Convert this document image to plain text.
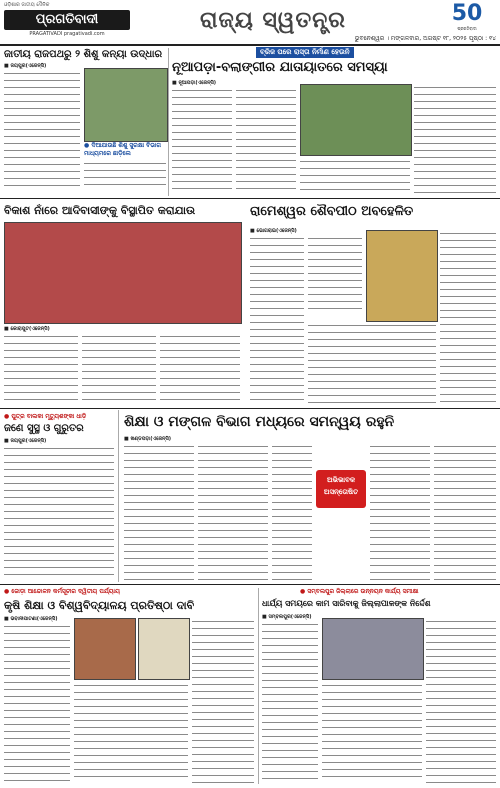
ଓଡ଼ିଶାର ଜାତୀୟ ଦୈନିକ
ପ୍ରଗତିବାଦୀ
PRAGATIVADI pragativadi.com
ରାଜ୍ୟ ସ୍ୱତନ୍ତ୍ର	50
ପ୍ରଗତିବାଦୀ
ଭୁବନେଶ୍ୱର । ମଙ୍ଗଳବାର, ଅଗଷ୍ଟ ୧୮, ୨୦୨୫ ପୃଷ୍ଠା : ୧୪
ଜାତୀୟ ରାଜପଥରୁ ୨ ଶିଶୁ କନ୍ୟା ଉଦ୍ଧାର
■ ଜୟପୁର(ଏଜେନ୍ସି)
● ଦିଆଯାଉଛି ଶିଶୁ ସୁରକ୍ଷା ବିଭାଗ ମାଧ୍ୟମରେ ଛାଡ଼ିଲେ
ବ୍ରିଜ ପରେ ରାସ୍ତା ନିର୍ମାଣ ହେଉନି
ନୂଆପଡ଼ା-ବଲାଙ୍ଗୀର ଯାତାୟାତରେ ସମସ୍ୟା
■ ନୂଆପଡ଼ା(ଏଜେନ୍ସି)
ବିକାଶ ନାଁରେ ଆଦିବାସୀଙ୍କୁ ବିସ୍ଥାପିତ କରାଯାଉ
■ କୋରାପୁଟ(ଏଜେନ୍ସି)
ରାମେଶ୍ୱର ଶୈବପୀଠ ଅବହେଳିତ
■ ଭୋଗରାଇ(ଏଜେନ୍ସି)
● ପୁତ୍ର ବାଲକା ମୃତ୍ୟୁଶଙ୍କା ଧାଡ଼ି
ଜଣେ ସୁସ୍ଥ ଓ ଗୁରୁତର
■ ଜୟପୁର(ଏଜେନ୍ସି)
ଶିକ୍ଷା ଓ ମଙ୍ଗଳ ବିଭାଗ ମଧ୍ୟରେ ସମନ୍ୱୟ ରହୁନି
■ ଖଣ୍ଡପଡ଼ା(ଏଜେନ୍ସି)
ଅଭିଭାବକ ଅସନ୍ତୋଷିତ
● ଜୋଡ଼ା ଆନ୍ଦୋଳନ କର୍ମସୂଚୀର ଦ୍ୱିତୀୟ ପର୍ଯ୍ୟାୟ
କୃଷି ଶିକ୍ଷା ଓ ବିଶ୍ୱବିଦ୍ୟାଳୟ ପ୍ରତିଷ୍ଠା ଦାବି
■ ଭବାନୀପାଟଣା(ଏଜେନ୍ସି)
● ସମ୍ବଲପୁର ଜିଲ୍ଲାରେ ଉନ୍ନୟନ କାର୍ଯ୍ୟ ସମୀକ୍ଷା
ଧାର୍ଯ୍ୟ ସମୟରେ କାମ ସାରିବାକୁ ଜିଲ୍ଲାପାଳଙ୍କ ନିର୍ଦ୍ଦେଶ
■ ସମ୍ବଲପୁର(ଏଜେନ୍ସି)
